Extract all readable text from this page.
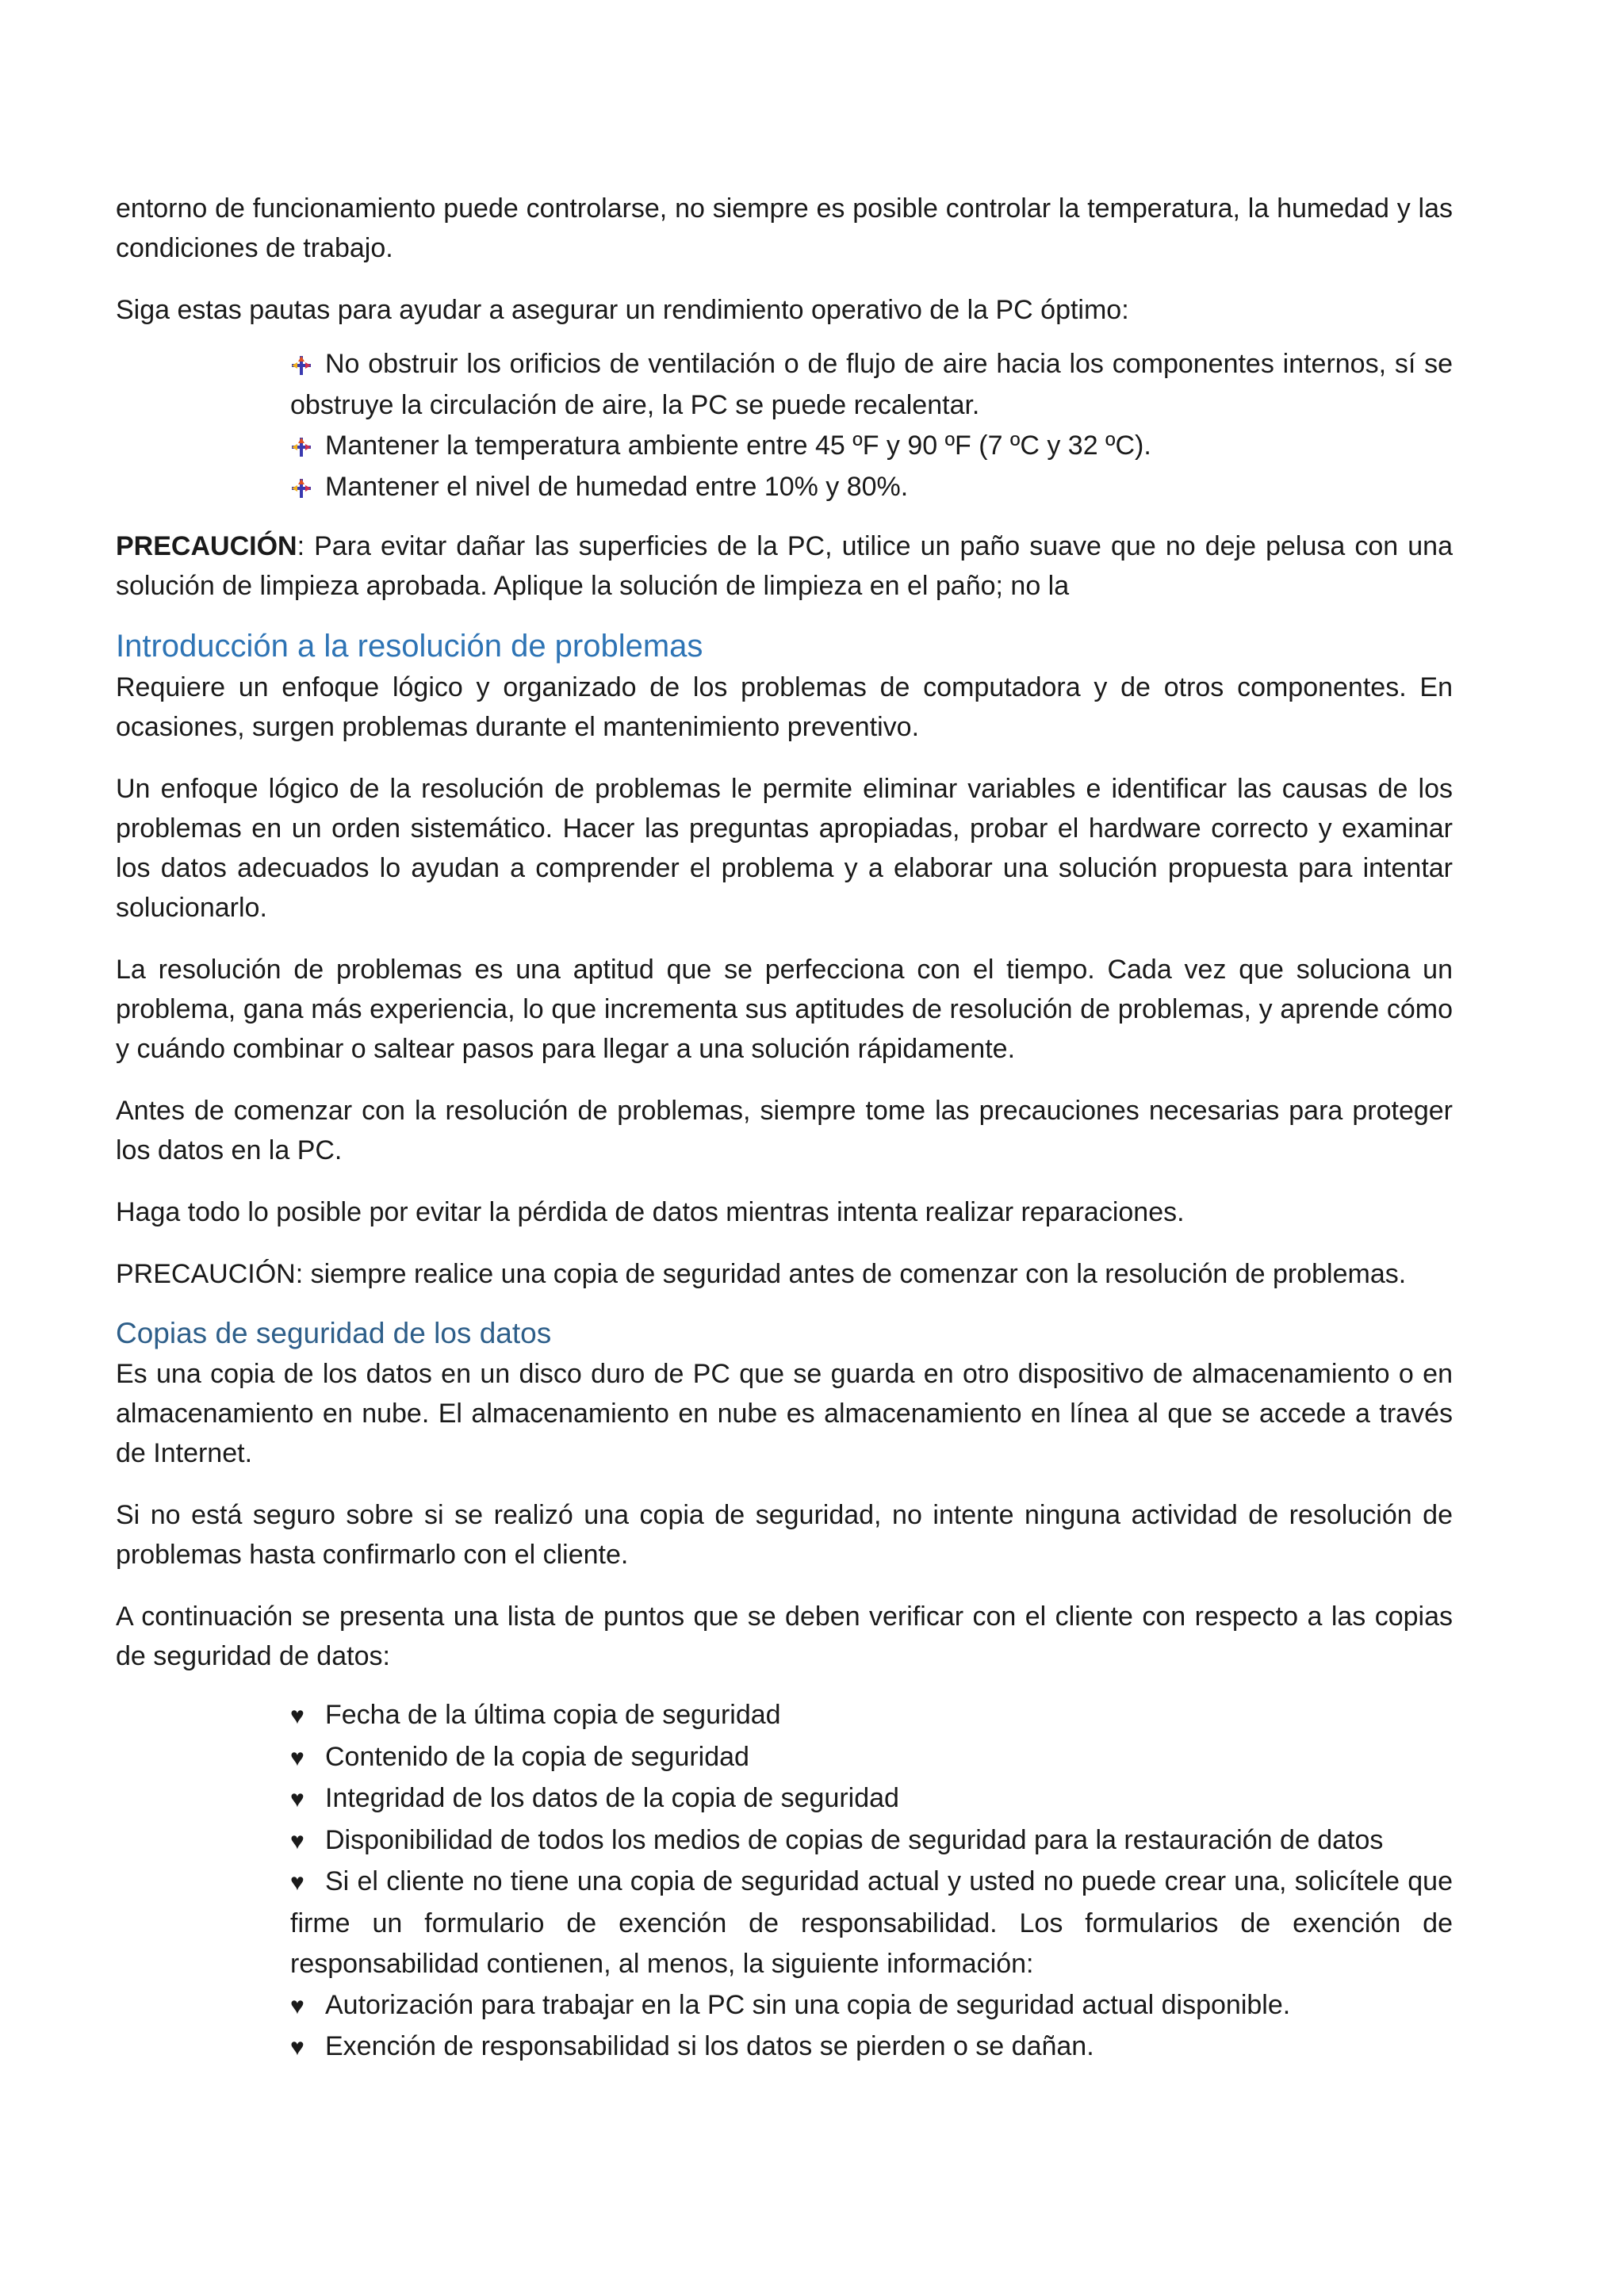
entorno de funcionamiento puede controlarse, no siempre es posible controlar la temperatura, la humedad y las condiciones de trabajo.

Siga estas pautas para ayudar a asegurar un rendimiento operativo de la PC óptimo:

No obstruir los orificios de ventilación o de flujo de aire hacia los componentes internos, sí se obstruye la circulación de aire, la PC se puede recalentar.
Mantener la temperatura ambiente entre 45 ºF y 90 ºF (7 ºC y 32 ºC).
Mantener el nivel de humedad entre 10% y 80%.

PRECAUCIÓN: Para evitar dañar las superficies de la PC, utilice un paño suave que no deje pelusa con una solución de limpieza aprobada. Aplique la solución de limpieza en el paño; no la

Introducción a la resolución de problemas

Requiere un enfoque lógico y organizado de los problemas de computadora y de otros componentes. En ocasiones, surgen problemas durante el mantenimiento preventivo.

Un enfoque lógico de la resolución de problemas le permite eliminar variables e identificar las causas de los problemas en un orden sistemático. Hacer las preguntas apropiadas, probar el hardware correcto y examinar los datos adecuados lo ayudan a comprender el problema y a elaborar una solución propuesta para intentar solucionarlo.

La resolución de problemas es una aptitud que se perfecciona con el tiempo. Cada vez que soluciona un problema, gana más experiencia, lo que incrementa sus aptitudes de resolución de problemas, y aprende cómo y cuándo combinar o saltear pasos para llegar a una solución rápidamente.

Antes de comenzar con la resolución de problemas, siempre tome las precauciones necesarias para proteger los datos en la PC.

Haga todo lo posible por evitar la pérdida de datos mientras intenta realizar reparaciones.

PRECAUCIÓN: siempre realice una copia de seguridad antes de comenzar con la resolución de problemas.

Copias de seguridad de los datos

Es una copia de los datos en un disco duro de PC que se guarda en otro dispositivo de almacenamiento o en almacenamiento en nube. El almacenamiento en nube es almacenamiento en línea al que se accede a través de Internet.

Si no está seguro sobre si se realizó una copia de seguridad, no intente ninguna actividad de resolución de problemas hasta confirmarlo con el cliente.

A continuación se presenta una lista de puntos que se deben verificar con el cliente con respecto a las copias de seguridad de datos:

♥ Fecha de la última copia de seguridad
♥ Contenido de la copia de seguridad
♥ Integridad de los datos de la copia de seguridad
♥ Disponibilidad de todos los medios de copias de seguridad para la restauración de datos
♥ Si el cliente no tiene una copia de seguridad actual y usted no puede crear una, solicítele que firme un formulario de exención de responsabilidad. Los formularios de exención de responsabilidad contienen, al menos, la siguiente información:
♥ Autorización para trabajar en la PC sin una copia de seguridad actual disponible.
♥ Exención de responsabilidad si los datos se pierden o se dañan.
